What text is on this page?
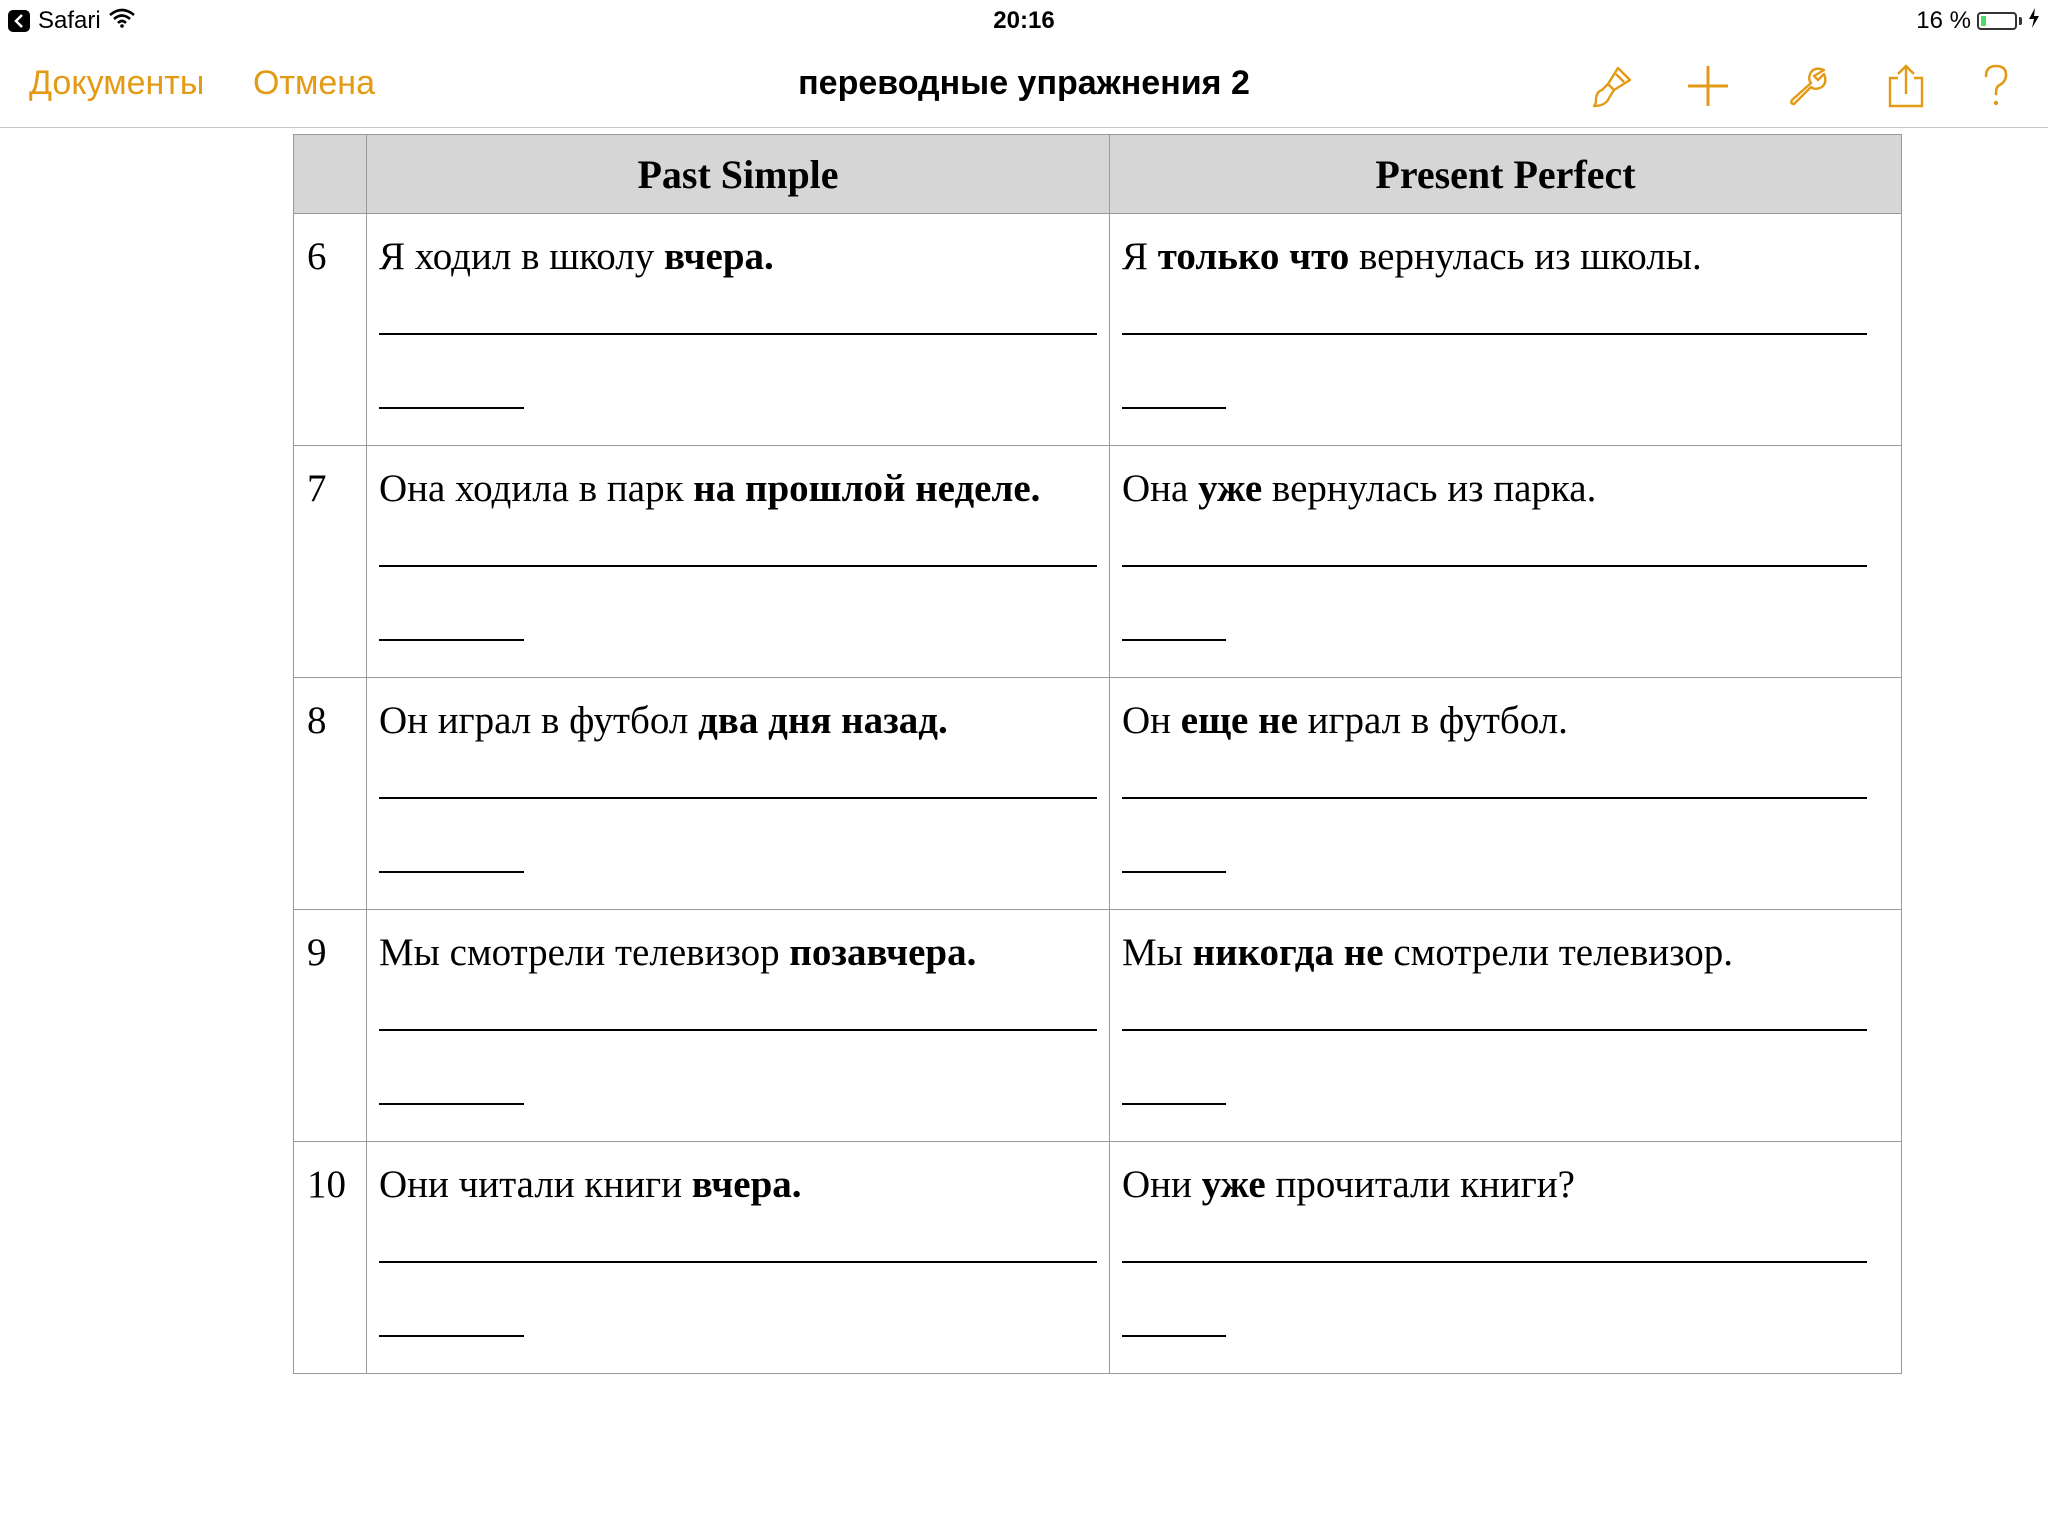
Safari	20:16	16 %
Документы Отмена	переводные упражнения 2
	Past Simple	Present Perfect
6	Я ходил в школу вчера.	Я только что вернулась из школы.

7	Она ходила в парк на прошлой неделе.	Она уже вернулась из парка.

8	Он играл в футбол два дня назад.	Он еще не играл в футбол.

9	Мы смотрели телевизор позавчера.	Мы никогда не смотрели телевизор.

10	Они читали книги вчера.	Они уже прочитали книги?
